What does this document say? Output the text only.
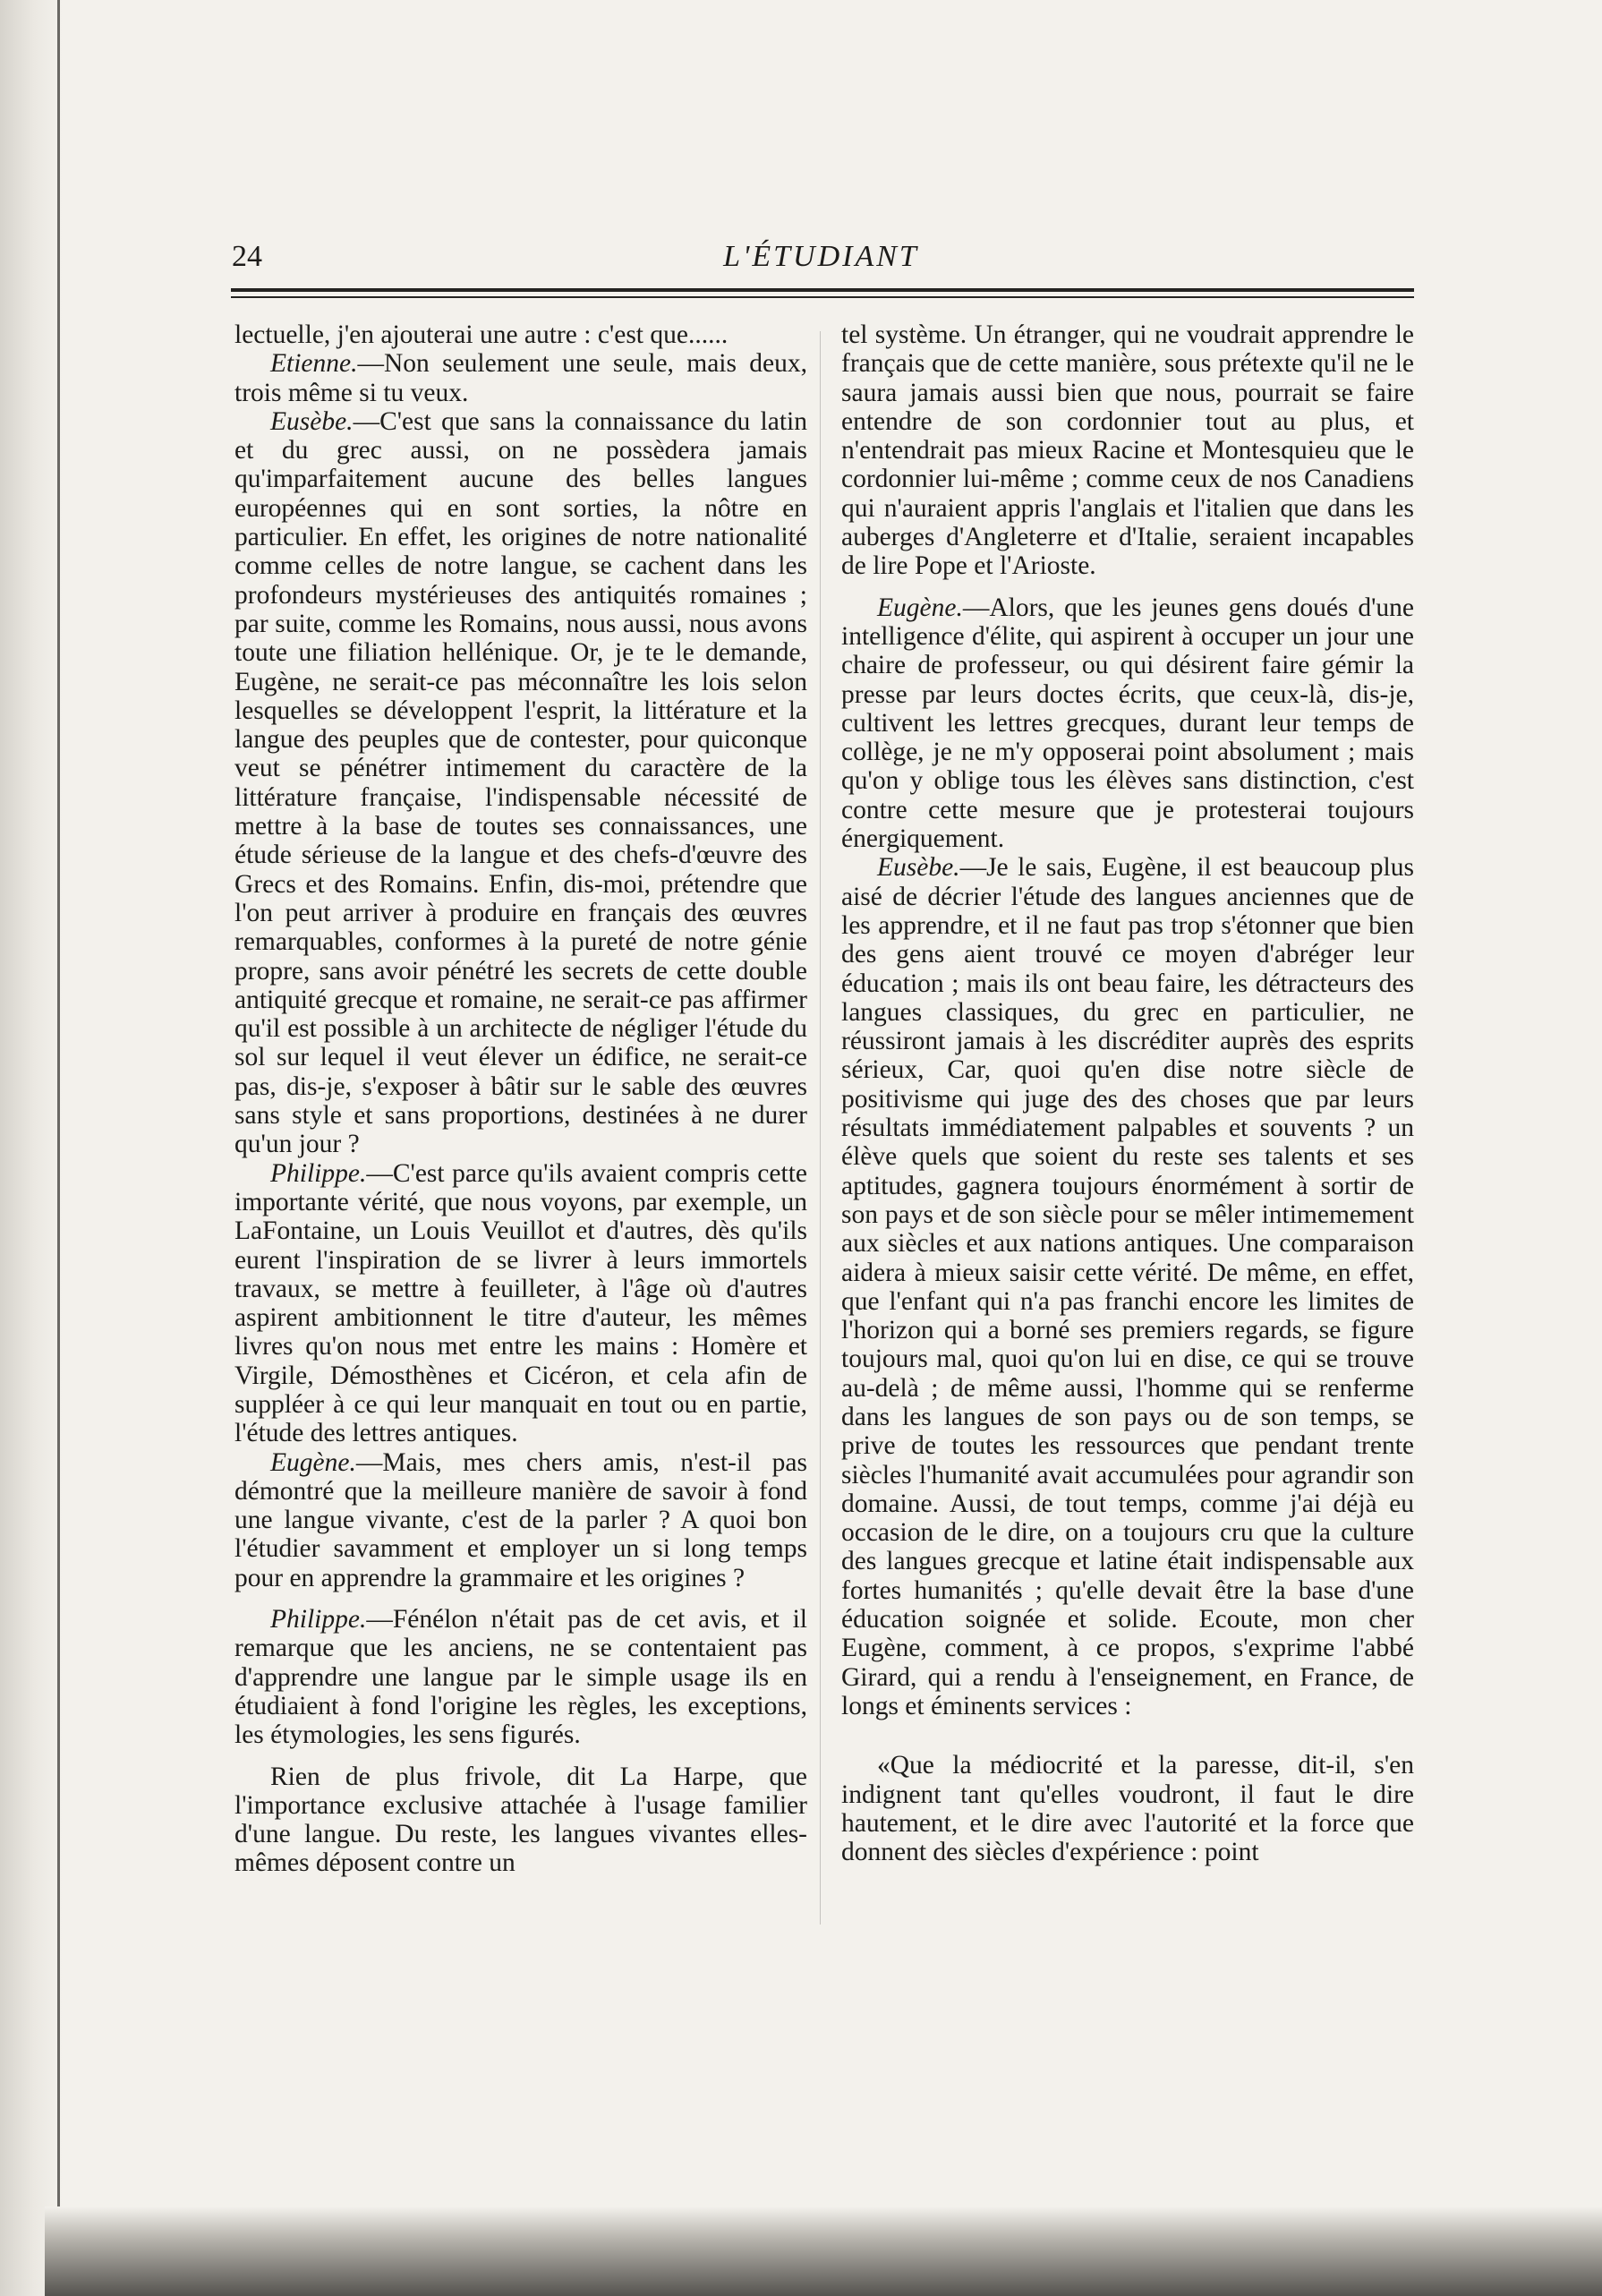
24	L'ÉTUDIANT

lectuelle, j'en ajouterai une autre : c'est que......

Etienne.—Non seulement une seule, mais deux, trois même si tu veux.

Eusèbe.—C'est que sans la connaissance du latin et du grec aussi, on ne possèdera jamais qu'imparfaitement aucune des belles langues européennes qui en sont sorties, la nôtre en particulier. En effet, les origines de notre nationalité comme celles de notre langue, se cachent dans les profondeurs mystérieuses des antiquités romaines ; par suite, comme les Romains, nous aussi, nous avons toute une filiation hellénique. Or, je te le demande, Eugène, ne serait-ce pas méconnaître les lois selon lesquelles se développent l'esprit, la littérature et la langue des peuples que de contester, pour quiconque veut se pénétrer intimement du caractère de la littérature française, l'indispensable nécessité de mettre à la base de toutes ses connaissances, une étude sérieuse de la langue et des chefs-d'œuvre des Grecs et des Romains. Enfin, dis-moi, prétendre que l'on peut arriver à produire en français des œuvres remarquables, conformes à la pureté de notre génie propre, sans avoir pénétré les secrets de cette double antiquité grecque et romaine, ne serait-ce pas affirmer qu'il est possible à un architecte de négliger l'étude du sol sur lequel il veut élever un édifice, ne serait-ce pas, dis-je, s'exposer à bâtir sur le sable des œuvres sans style et sans proportions, destinées à ne durer qu'un jour ?

Philippe.—C'est parce qu'ils avaient compris cette importante vérité, que nous voyons, par exemple, un LaFontaine, un Louis Veuillot et d'autres, dès qu'ils eurent l'inspiration de se livrer à leurs immortels travaux, se mettre à feuilleter, à l'âge où d'autres aspirent ambitionnent le titre d'auteur, les mêmes livres qu'on nous met entre les mains : Homère et Virgile, Démosthènes et Cicéron, et cela afin de suppléer à ce qui leur manquait en tout ou en partie, l'étude des lettres antiques.

Eugène.—Mais, mes chers amis, n'est-il pas démontré que la meilleure manière de savoir à fond une langue vivante, c'est de la parler ? A quoi bon l'étudier savamment et employer un si long temps pour en apprendre la grammaire et les origines ?

Philippe.—Fénélon n'était pas de cet avis, et il remarque que les anciens, ne se contentaient pas d'apprendre une langue par le simple usage ils en étudiaient à fond l'origine les règles, les exceptions, les étymologies, les sens figurés.

Rien de plus frivole, dit La Harpe, que l'importance exclusive attachée à l'usage familier d'une langue. Du reste, les langues vivantes elles-mêmes déposent contre un

tel système. Un étranger, qui ne voudrait apprendre le français que de cette manière, sous prétexte qu'il ne le saura jamais aussi bien que nous, pourrait se faire entendre de son cordonnier tout au plus, et n'entendrait pas mieux Racine et Montesquieu que le cordonnier lui-même ; comme ceux de nos Canadiens qui n'auraient appris l'anglais et l'italien que dans les auberges d'Angleterre et d'Italie, seraient incapables de lire Pope et l'Arioste.

Eugène.—Alors, que les jeunes gens doués d'une intelligence d'élite, qui aspirent à occuper un jour une chaire de professeur, ou qui désirent faire gémir la presse par leurs doctes écrits, que ceux-là, dis-je, cultivent les lettres grecques, durant leur temps de collège, je ne m'y opposerai point absolument ; mais qu'on y oblige tous les élèves sans distinction, c'est contre cette mesure que je protesterai toujours énergiquement.

Eusèbe.—Je le sais, Eugène, il est beaucoup plus aisé de décrier l'étude des langues anciennes que de les apprendre, et il ne faut pas trop s'étonner que bien des gens aient trouvé ce moyen d'abréger leur éducation ; mais ils ont beau faire, les détracteurs des langues classiques, du grec en particulier, ne réussiront jamais à les discréditer auprès des esprits sérieux, Car, quoi qu'en dise notre siècle de positivisme qui juge des des choses que par leurs résultats immédiatement palpables et souvents ? un élève quels que soient du reste ses talents et ses aptitudes, gagnera toujours énormément à sortir de son pays et de son siècle pour se mêler intimemement aux siècles et aux nations antiques. Une comparaison aidera à mieux saisir cette vérité. De même, en effet, que l'enfant qui n'a pas franchi encore les limites de l'horizon qui a borné ses premiers regards, se figure toujours mal, quoi qu'on lui en dise, ce qui se trouve au-delà ; de même aussi, l'homme qui se renferme dans les langues de son pays ou de son temps, se prive de toutes les ressources que pendant trente siècles l'humanité avait accumulées pour agrandir son domaine. Aussi, de tout temps, comme j'ai déjà eu occasion de le dire, on a toujours cru que la culture des langues grecque et latine était indispensable aux fortes humanités ; qu'elle devait être la base d'une éducation soignée et solide. Ecoute, mon cher Eugène, comment, à ce propos, s'exprime l'abbé Girard, qui a rendu à l'enseignement, en France, de longs et éminents services :

«Que la médiocrité et la paresse, dit-il, s'en indignent tant qu'elles voudront, il faut le dire hautement, et le dire avec l'autorité et la force que donnent des siècles d'expérience : point
